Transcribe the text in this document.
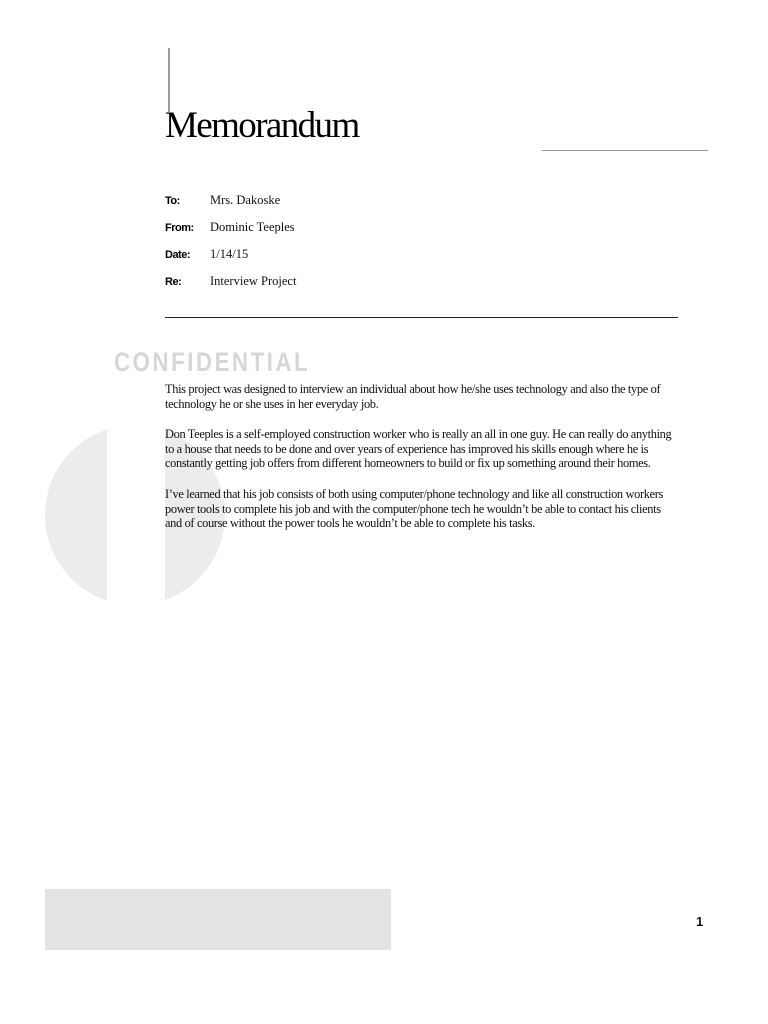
Memorandum
To:	Mrs. Dakoske
From:	Dominic Teeples
Date:	1/14/15
Re:	Interview Project
CONFIDENTIAL

This project was designed to interview an individual about how he/she uses technology and also the type of technology he or she uses in her everyday job.

Don Teeples is a self-employed construction worker who is really an all in one guy. He can really do anything to a house that needs to be done and over years of experience has improved his skills enough where he is constantly getting job offers from different homeowners to build or fix up something around their homes.

I’ve learned that his job consists of both using computer/phone technology and like all construction workers power tools to complete his job and with the computer/phone tech he wouldn’t be able to contact his clients and of course without the power tools he wouldn’t be able to complete his tasks.

1
